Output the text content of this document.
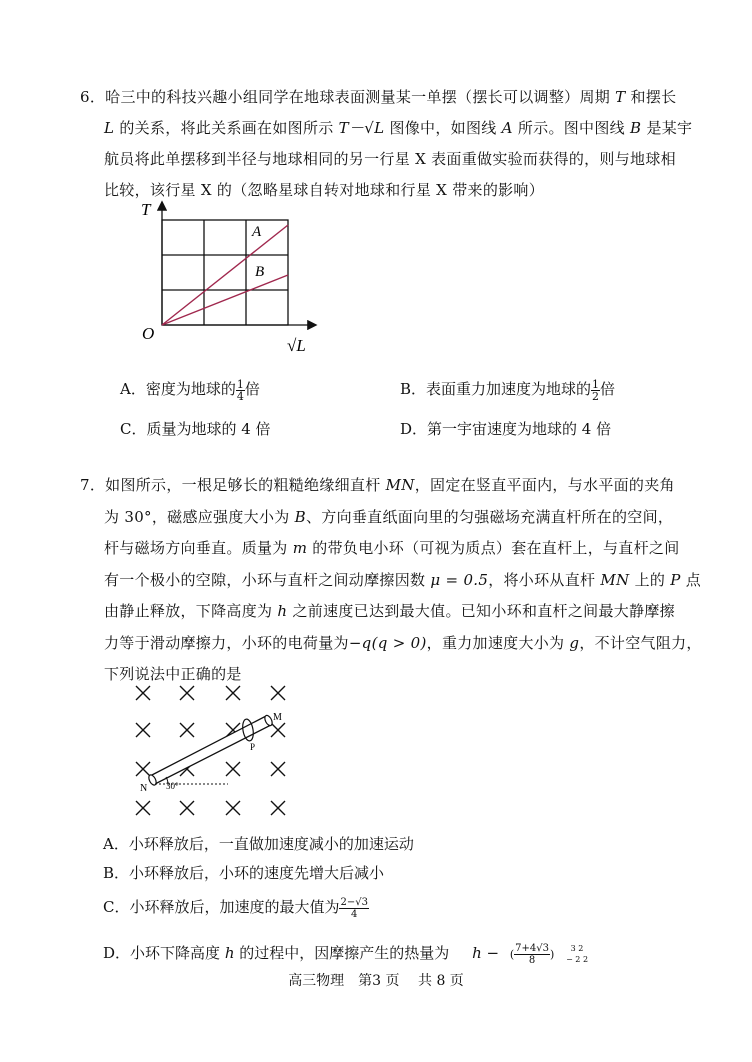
6．哈三中的科技兴趣小组同学在地球表面测量某一单摆（摆长可以调整）周期 T 和摆长
L 的关系，将此关系画在如图所示 T－√L 图像中，如图线 A 所示。图中图线 B 是某宇
航员将此单摆移到半径与地球相同的另一行星 X 表面重做实验而获得的，则与地球相
比较，该行星 X 的（忽略星球自转对地球和行星 X 带来的影响）
T
O
A
B
√L
A．密度为地球的 $\frac{1}{4}$ 倍	B．表面重力加速度为地球的 $\frac{1}{2}$ 倍
C．质量为地球的 4 倍	D．第一宇宙速度为地球的 4 倍
7．如图所示，一根足够长的粗糙绝缘细直杆 MN，固定在竖直平面内，与水平面的夹角
为 30°，磁感应强度大小为 B、方向垂直纸面向里的匀强磁场充满直杆所在的空间，
杆与磁场方向垂直。质量为 m 的带负电小环（可视为质点）套在直杆上，与直杆之间
有一个极小的空隙，小环与直杆之间动摩擦因数 μ = 0.5，将小环从直杆 MN 上的 P 点
由静止释放，下降高度为 h 之前速度已达到最大值。已知小环和直杆之间最大静摩擦
力等于滑动摩擦力，小环的电荷量为−q(q > 0)，重力加速度大小为 g，不计空气阻力，
下列说法中正确的是
30°
M
N
P
A．小环释放后，一直做加速度减小的加速运动
B．小环释放后，小环的速度先增大后减小
C．小环释放后，加速度的最大值为 $\frac{2-√3}{4}$
D．小环下降高度 h 的过程中，因摩擦产生的热量为 h − ( $\frac{7+4√3}{8}$ )	3 2
− 2 2
高三物理　第3 页　 共 8 页
